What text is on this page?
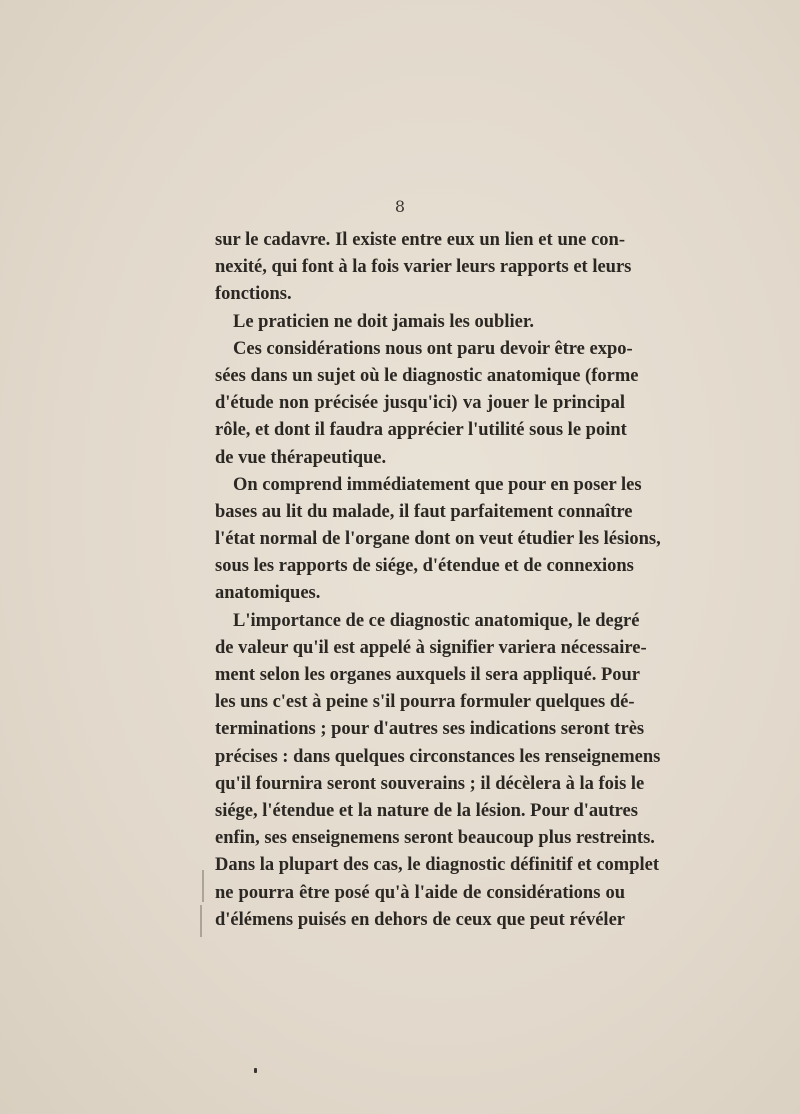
8
sur le cadavre. Il existe entre eux un lien et une con-
nexité, qui font à la fois varier leurs rapports et leurs
fonctions.
Le praticien ne doit jamais les oublier.
Ces considérations nous ont paru devoir être expo-
sées dans un sujet où le diagnostic anatomique (forme
d'étude non précisée jusqu'ici) va jouer le principal
rôle, et dont il faudra apprécier l'utilité sous le point
de vue thérapeutique.
On comprend immédiatement que pour en poser les
bases au lit du malade, il faut parfaitement connaître
l'état normal de l'organe dont on veut étudier les lésions,
sous les rapports de siége, d'étendue et de connexions
anatomiques.
L'importance de ce diagnostic anatomique, le degré
de valeur qu'il est appelé à signifier variera nécessaire-
ment selon les organes auxquels il sera appliqué. Pour
les uns c'est à peine s'il pourra formuler quelques dé-
terminations ; pour d'autres ses indications seront très
précises : dans quelques circonstances les renseignemens
qu'il fournira seront souverains ; il décèlera à la fois le
siége, l'étendue et la nature de la lésion. Pour d'autres
enfin, ses enseignemens seront beaucoup plus restreints.
Dans la plupart des cas, le diagnostic définitif et complet
ne pourra être posé qu'à l'aide de considérations ou
d'élémens puisés en dehors de ceux que peut révéler
